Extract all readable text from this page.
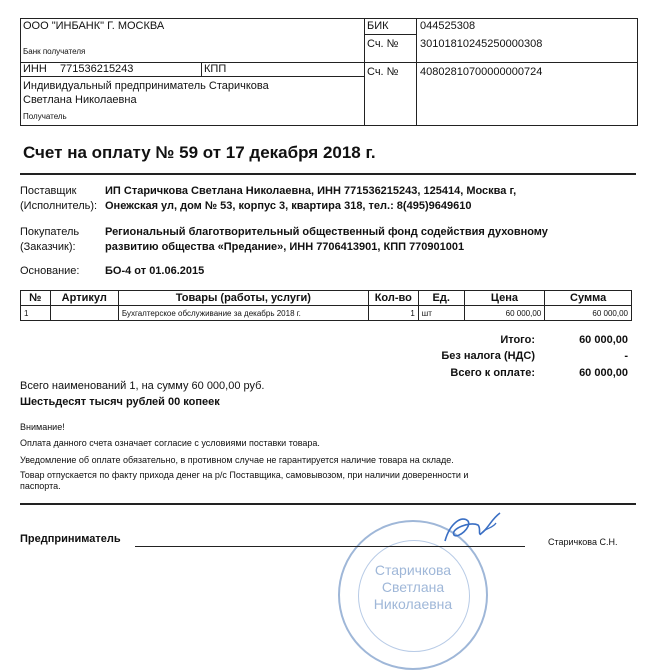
ООО "ИНБАНК" Г. МОСКВА
Банк получателя
БИК	044525308
Сч. № 30101810245250000308
ИНН 771536215243	КПП	Сч. № 40802810700000000724
Индивидуальный предприниматель Старичкова
Светлана Николаевна
Получатель
Счет на оплату № 59 от 17 декабря 2018 г.
Поставщик
(Исполнитель):
ИП Старичкова Светлана Николаевна, ИНН 771536215243, 125414, Москва г,
Онежская ул, дом № 53, корпус 3, квартира 318, тел.: 8(495)9649610
Покупатель
(Заказчик):
Региональный благотворительный общественный фонд содействия духовному
развитию общества «Предание», ИНН 7706413901, КПП 770901001
Основание: БО-4 от 01.06.2015
№	Артикул	Товары (работы, услуги)	Кол-во	Ед.	Цена	Сумма
1		Бухгалтерское обслуживание за декабрь 2018 г.	1	шт	60 000,00	60 000,00
Итого:	60 000,00
Без налога (НДС)	-
Всего к оплате:	60 000,00
Всего наименований 1, на сумму 60 000,00 руб.
Шестьдесят тысяч рублей 00 копеек
Внимание!
Оплата данного счета означает согласие с условиями поставки товара.
Уведомление об оплате обязательно, в противном случае не гарантируется наличие товара на складе.
Товар отпускается по факту прихода денег на р/с Поставщика, самовывозом, при наличии доверенности и
паспорта.
Старичкова
Светлана
Николаевна
Предприниматель	Старичкова С.Н.
